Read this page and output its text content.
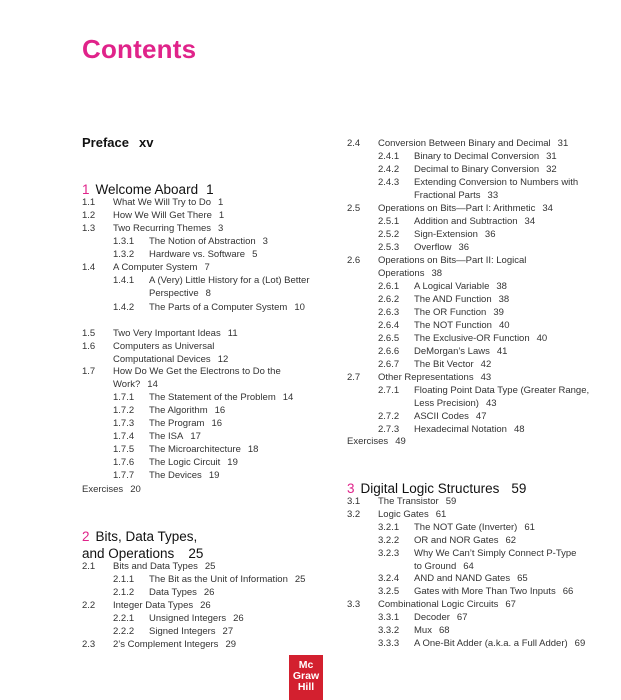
Contents
Preface xv
1 Welcome Aboard 1
1.1 What We Will Try to Do 1
1.2 How We Will Get There 1
1.3 Two Recurring Themes 3
1.3.1 The Notion of Abstraction 3
1.3.2 Hardware vs. Software 5
1.4 A Computer System 7
1.4.1 A (Very) Little History for a (Lot) Better Perspective 8
1.4.2 The Parts of a Computer System 10
1.5 Two Very Important Ideas 11
1.6 Computers as Universal Computational Devices 12
1.7 How Do We Get the Electrons to Do the Work? 14
1.7.1 The Statement of the Problem 14
1.7.2 The Algorithm 16
1.7.3 The Program 16
1.7.4 The ISA 17
1.7.5 The Microarchitecture 18
1.7.6 The Logic Circuit 19
1.7.7 The Devices 19
Exercises 20
2 Bits, Data Types,
and Operations 25
2.1 Bits and Data Types 25
2.1.1 The Bit as the Unit of Information 25
2.1.2 Data Types 26
2.2 Integer Data Types 26
2.2.1 Unsigned Integers 26
2.2.2 Signed Integers 27
2.3 2’s Complement Integers 29
2.4 Conversion Between Binary and Decimal 31
2.4.1 Binary to Decimal Conversion 31
2.4.2 Decimal to Binary Conversion 32
2.4.3 Extending Conversion to Numbers with Fractional Parts 33
2.5 Operations on Bits—Part I: Arithmetic 34
2.5.1 Addition and Subtraction 34
2.5.2 Sign-Extension 36
2.5.3 Overflow 36
2.6 Operations on Bits—Part II: Logical Operations 38
2.6.1 A Logical Variable 38
2.6.2 The AND Function 38
2.6.3 The OR Function 39
2.6.4 The NOT Function 40
2.6.5 The Exclusive-OR Function 40
2.6.6 DeMorgan’s Laws 41
2.6.7 The Bit Vector 42
2.7 Other Representations 43
2.7.1 Floating Point Data Type (Greater Range, Less Precision) 43
2.7.2 ASCII Codes 47
2.7.3 Hexadecimal Notation 48
Exercises 49
3 Digital Logic Structures 59
3.1 The Transistor 59
3.2 Logic Gates 61
3.2.1 The NOT Gate (Inverter) 61
3.2.2 OR and NOR Gates 62
3.2.3 Why We Can’t Simply Connect P-Type to Ground 64
3.2.4 AND and NAND Gates 65
3.2.5 Gates with More Than Two Inputs 66
3.3 Combinational Logic Circuits 67
3.3.1 Decoder 67
3.3.2 Mux 68
3.3.3 A One-Bit Adder (a.k.a. a Full Adder) 69
Mc
Graw
Hill
